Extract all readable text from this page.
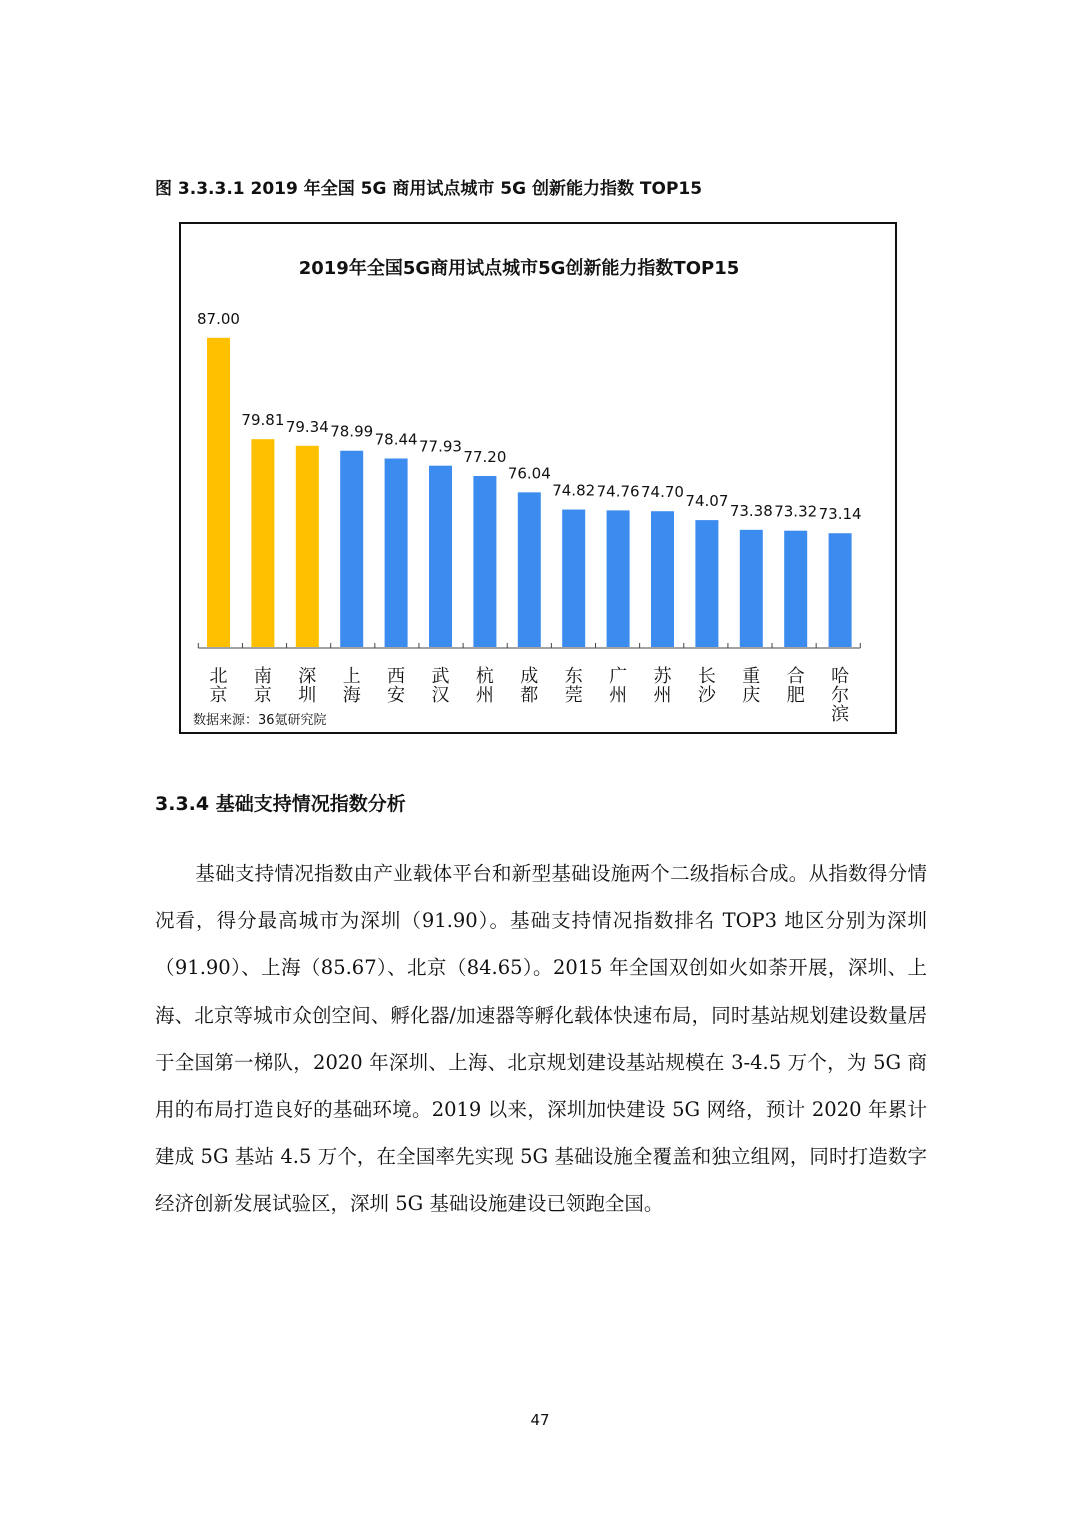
图 3.3.3.1 2019 年全国 5G 商用试点城市 5G 创新能力指数 TOP15
2019年全国5G商用试点城市5G创新能力指数TOP15
87.00
北京
79.81
南京
79.34
深圳
78.99
上海
78.44
西安
77.93
武汉
77.20
杭州
76.04
成都
74.82
东莞
74.76
广州
74.70
苏州
74.07
长沙
73.38
重庆
73.32
合肥
73.14
哈尔滨
数据来源：36氪研究院
3.3.4 基础支持情况指数分析
基础支持情况指数由产业载体平台和新型基础设施两个二级指标合成。从指数得分情况看，得分最高城市为深圳（91.90）。基础支持情况指数排名 TOP3 地区分别为深圳（91.90）、上海（85.67）、北京（84.65）。2015 年全国双创如火如荼开展，深圳、上海、北京等城市众创空间、孵化器/加速器等孵化载体快速布局，同时基站规划建设数量居于全国第一梯队，2020 年深圳、上海、北京规划建设基站规模在 3-4.5 万个，为 5G 商用的布局打造良好的基础环境。2019 以来，深圳加快建设 5G 网络，预计 2020 年累计建成 5G 基站 4.5 万个，在全国率先实现 5G 基础设施全覆盖和独立组网，同时打造数字经济创新发展试验区，深圳 5G 基础设施建设已领跑全国。
47
